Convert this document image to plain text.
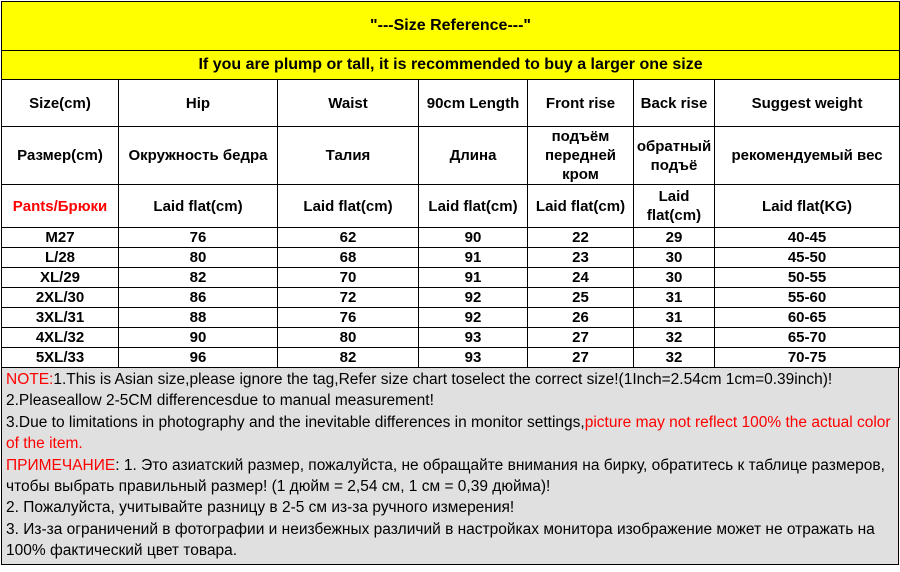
"---Size Reference---"						
If you are plump or tall, it is recommended to buy a larger one size						
Size(cm)	Hip	Waist	90cm Length	Front rise	Back rise	Suggest weight
Размер(cm)	Окружность бедра	Талия	Длина	подъём передней кром	обратный подъё	рекомендуемый вес
Pants/Брюки	Laid flat(cm)	Laid flat(cm)	Laid flat(cm)	Laid flat(cm)	Laid flat(cm)	Laid flat(KG)
M27	76	62	90	22	29	40-45
L/28	80	68	91	23	30	45-50
XL/29	82	70	91	24	30	50-55
2XL/30	86	72	92	25	31	55-60
3XL/31	88	76	92	26	31	60-65
4XL/32	90	80	93	27	32	65-70
5XL/33	96	82	93	27	32	70-75

NOTE:1.This is Asian size,please ignore the tag,Refer size chart toselect the correct size!(1Inch=2.54cm 1cm=0.39inch)!

2.Pleaseallow 2-5CM differencesdue to manual measurement!

3.Due to limitations in photography and the inevitable differences in monitor settings,picture may not reflect 100% the actual color of the item.

ПРИМЕЧАНИЕ: 1. Это азиатский размер, пожалуйста, не обращайте внимания на бирку, обратитесь к таблице размеров, чтобы выбрать правильный размер! (1 дюйм = 2,54 см, 1 см = 0,39 дюйма)!

2. Пожалуйста, учитывайте разницу в 2-5 см из-за ручного измерения!

3. Из-за ограничений в фотографии и неизбежных различий в настройках монитора изображение может не отражать на 100% фактический цвет товара.
